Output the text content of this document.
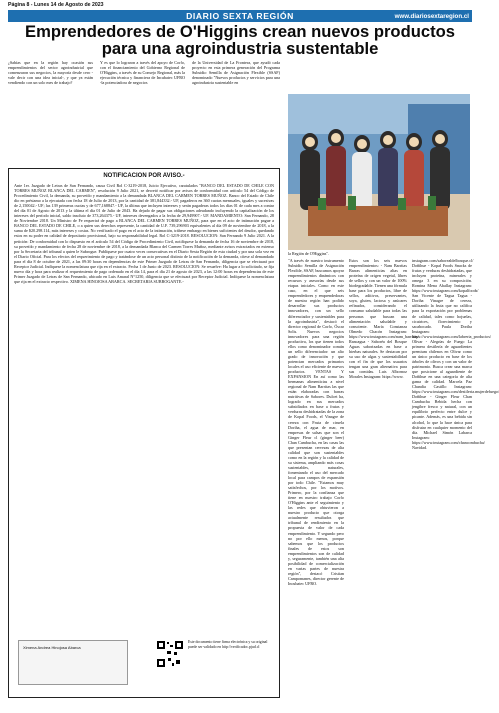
Página 8 - Lunes 14 de Agosto de 2023
DIARIO SEXTA REGIÓN	www.diariosextaregion.cl
Emprendedores de O'Higgins crean nuevos productos para una agroindustria sustentable
¿Sabías que en la región hay ocasión sus emprendimientos del sector agroindustrial que comenzaron sus negocios, la mayoría desde cero -vale decir con una idea inicial-, y que ya están vendiendo con un solo mes de trabajo?
Y es que lo lograron a través del apoyo de Corfo, con el financiamiento del Gobierno Regional de O'Higgins, a través de su Consejo Regional, más la ejecución técnica y financiera de Incubatec UFRO -la potenciadora de negocios
de la Universidad de La Frontera, que ayudó cada proyecto en esta primera generación del Programa Subsidio Semilla de Asignación Flexible (SSAF) denominado "Nuevos productos y servicios para una agroindustria sustentable en
la Región de O'Higgins".
NOTIFICACION POR AVISO.-
Ante 1er. Juzgado de Letras de San Fernando, causa Civil Rol C-3219-2018, Juicio Ejecutivo, caratulados "BANCO DEL ESTADO DE CHILE CON TORRES MUÑOZ BLANCA DEL CARMEN", resolución 9 Julio 2021, se decretó notificar por avisos de conformidad con artículo 54 del Código de Procedimiento Civil, la demanda, su proveído y mandamiento a la demandada BLANCA DEL CARMEN TORRES MUÑOZ. Banco del Estado de Chile dio en préstamo a la ejecutada con fecha 18 de Julio de 2013, por la cantidad de 381,844332.- UF, pagaderos en 360 cuotas mensuales, iguales y sucesivas de 2,150042.- UF; las 139 primeras cuotas y de 677,168847.- UF, la última que incluyen intereses y serán pagaderas todos los días 01 de cada mes a contar del día 01 de Agosto de 2013 y la última el día 01 de Julio de 2043. Ha dejado de pagar sus obligaciones adeudando incluyendo la capitalización de los intereses del período inicial, saldo insoluto de 373,264375.- UF, intereses devengados a la fecha de 29,949907.- UF. MANDAMIENTO: San Fernando, 28 de Noviembre 2018. Un Ministro de Fe requerirá de pago a BLANCA DEL CARMEN TORRES MUÑOZ, para que en el acto de intimación pague a BANCO DEL ESTADO DE CHILE, o a quien sus derechos represente, la cantidad de U.F. 739,296903 equivalentes al día 09 de noviembre de 2018, a la suma de $20.298.114, más intereses y costas. No verificado el pago en el acto de la intimación, trábese embargo en bienes suficientes del deudor, quedando estos en su poder en calidad de depositario provisional, bajo su responsabilidad legal. Rol C-3219-2018. RESOLUCION: San Fernando 9 Julio 2021. A la petición: De conformidad con lo dispuesto en el artículo 54 del Código de Procedimiento Civil, notifíquese la demanda de fecha 16 de noviembre de 2018, su proveído y mandamiento de fecha 28 de noviembre de 2018, a la demandada Blanca del Carmen Torres Muñoz, mediante avisos extractados en extenso por la Secretaria del tribunal a quien le Subrogue. Publíquese por cuatro veces consecutivas en el Diario Sexta Región de esta ciudad y por una sola vez en el Diario Oficial. Para los efectos del requerimiento de pago y tratándose de un acto personal distinto de la notificación de la demanda, cítese al demandado para el día 8 de octubre de 2021, a las 09:30 horas en dependencias de este Primer Juzgado de Letras de San Fernando, diligencia que se efectuará por Receptor Judicial. Indíquese la nomenclatura que rija en el extracto. Fecha 1 de Junio de 2023. RESOLUCION: Se resuelve: Ha lugar a lo solicitado, se fija nuevo día y hora para realizar el requerimiento de pago ordenado en el día 14, para el día 21 de agosto de 2023, a las 12:00 horas en dependencias de este Primer Juzgado de Letras de San Fernando, ubicado en Luis Amaral N°1250, diligencia que se efectuará por Receptor Judicial. Indíquese la nomenclatura que rija en el extracto respectivo. XIMENA HINOJOSA ABARCA. SECRETARIA SUBROGANTE.-
Ximena Andrea Hinojosa Abarca
Este documento tiene firma electrónica y su original puede ser validado en http://verificadoc.pjud.cl
"A través de nuestro instrumento Subsidio Semilla de Asignación Flexible, SSAF, buscamos apoyar emprendimientos dinámicos con recursos y asesorías desde sus etapas iniciales. Como en este caso, en el que seis emprendedores y emprendedoras de nuestra región han podido desarrollar sus productos innovadores, con un sello diferenciador y sustentables para la agroindustria", destacó el director regional de Corfo, Óscar Solis. Nuevos negocios innovadores para una región productiva, los que tienen todos ellos como denominador común un sello diferenciador: un alto grado de innovación y que potencian mercados primarios locales el uso eficiente de nuevos productos. VENTAS Y EXPANSION En así como las hermanas alimenticias a nivel regional de Nam Barritas las que están elaboradas con barras nutritivas de Sabores. Dulcet ha, logrado en sus mercados subsidiados en base a frutas y verduras deshidratadas de la zona de Kopal Foods, el Vinagre de cereza con Fruta de ciruela Doriha, el agua de mar, en empresas de salsas que son el Ginger Fleur cl (ginger beer) Chan Cambucha, en las casas las que presentan cervezas de alta calidad que son sustentables como en la región y la calidad de su sistema, ampliando más cosas sustentables, naturales, fomentando el uso del mercado local para campos de expansión por todo Chile. "Estamos muy satisfechos, por los motivos. Primero, por la confianza que tiene en nuestro trabajo Corfo O'Higgins ante el seguimiento y las redes que obtuvieron a nuestro producto que otorga actualmente resultados que tribunal de rendimiento en la propuesta de valor de cada emprendimiento. Y segundo pero no por ello menos, porque sabemos que los productos finales de estos son emprendimientos son de calidad y, seguramente, también una alta posibilidad de comercialización en varias partes de nuestra región", destacó Cristian Campomanes, director gerente de Incubatec UFRO.
Estos son los seis nuevos emprendimientos: - Nam Barritas Barras alimenticias altas en proteína de origen vegetal, libres de sellos y con un valor de 100% biodegradable. Tienen una fórmula base para los productos, libre de sellos, aditivos, preservantes, soya, gluten, lactosa y azúcares refinados, considerando el consumo saludable para todas las personas que buscan una alimentación saludable y consciente. María Constanza Olmedo Chacón Instagram: https://www.instagram.com/nam_barritas/ Rancagua - Saboréa del Bosque Aguas saborizadas en base a hierbas naturales. Se destacan por su uso de algas y sustentabilidad con el fin de que los usuarios tengan una gran alternativa para sus comidas. Luis Albornoz Morales Instagram: https://www.
instagram.com/saborealdelbosque.cl/ Doñihue - Kopal Foods Snacks de frutas y verduras deshidratadas, que incluyen proteína, minerales y omega 3 en su composición. Romina Mena Aballay Instagram: https://www.instagram.com/kopalfoods/ San Vicente de Tagua Tagua - Doriha Vinagre de cereza, utilizando la fruta que no califica para la exportación por problemas de calidad, tales como hojuelas, cicatrices, florecimiento y sacabocado. Paula Doriha Instagram: https://www.instagram.com/labreria_productos/ Olivar - Alegrías de Fuego La primera destilería de aguardientes premium chilenos en Olivar como un único producto en base de los árboles de olivos y con un valor de patrimonio. Busca crear una marca que posicione al aguardiente de Doñihue en una categoría de alta gama de calidad. Marcela Paz Chandia Castillo Instagram: https://www.instagram.com/destileria.mujerdefuego/ Doñihue - Ginger Fleur Chan Cambucha Bebida hecha con jengibre fresco y natural, con un equilibrio perfecto entre dulce y picante. Además, es una bebida sin alcohol, lo que la hace única para disfrutar en cualquier momento del día. Michael Simón Labarca Instagram: https://www.instagram.com/chancombucha/ Navidad.
